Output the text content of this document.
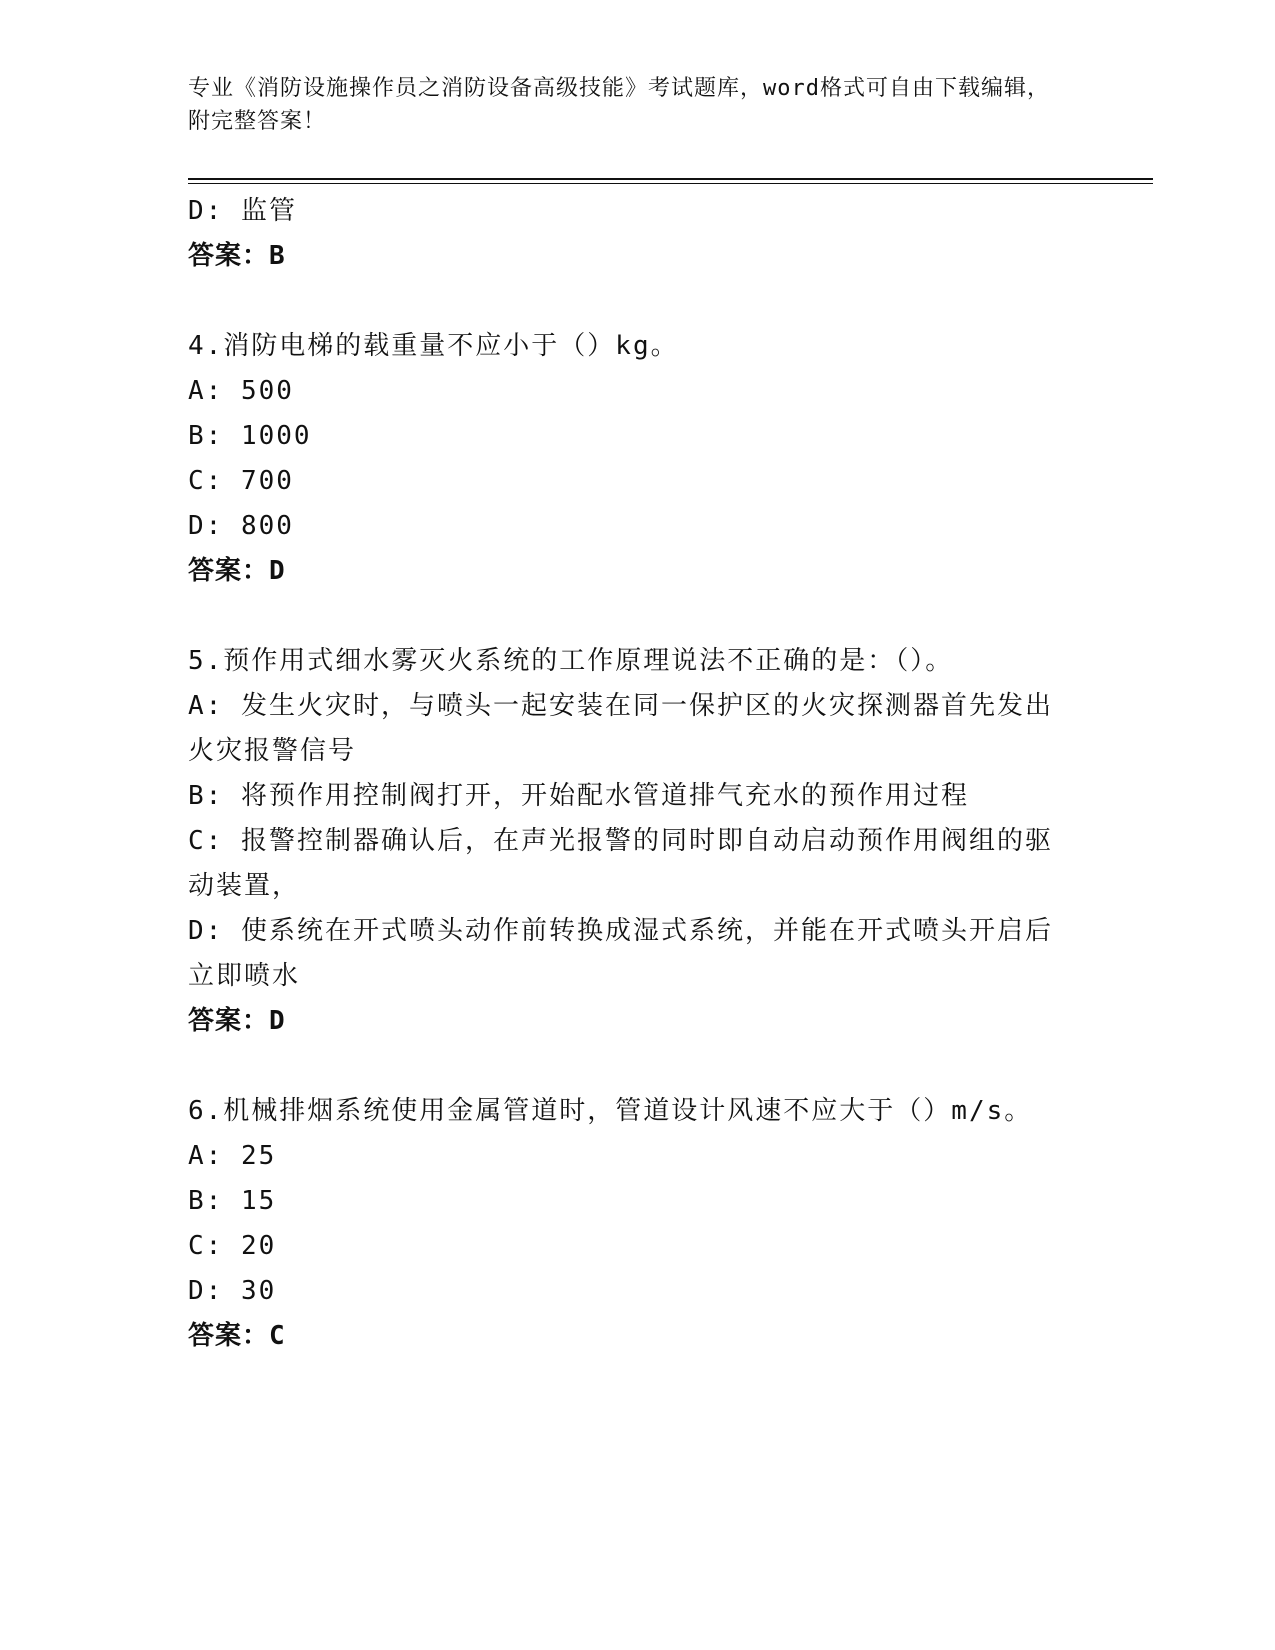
专业《消防设施操作员之消防设备高级技能》考试题库，word格式可自由下载编辑，附完整答案！
D: 监管
答案：B
4.消防电梯的载重量不应小于（）kg。
A: 500
B: 1000
C: 700
D: 800
答案：D
5.预作用式细水雾灭火系统的工作原理说法不正确的是：（）。
A: 发生火灾时，与喷头一起安装在同一保护区的火灾探测器首先发出火灾报警信号
B: 将预作用控制阀打开，开始配水管道排气充水的预作用过程
C: 报警控制器确认后，在声光报警的同时即自动启动预作用阀组的驱动装置，
D: 使系统在开式喷头动作前转换成湿式系统，并能在开式喷头开启后立即喷水
答案：D
6.机械排烟系统使用金属管道时，管道设计风速不应大于（）m/s。
A: 25
B: 15
C: 20
D: 30
答案：C
